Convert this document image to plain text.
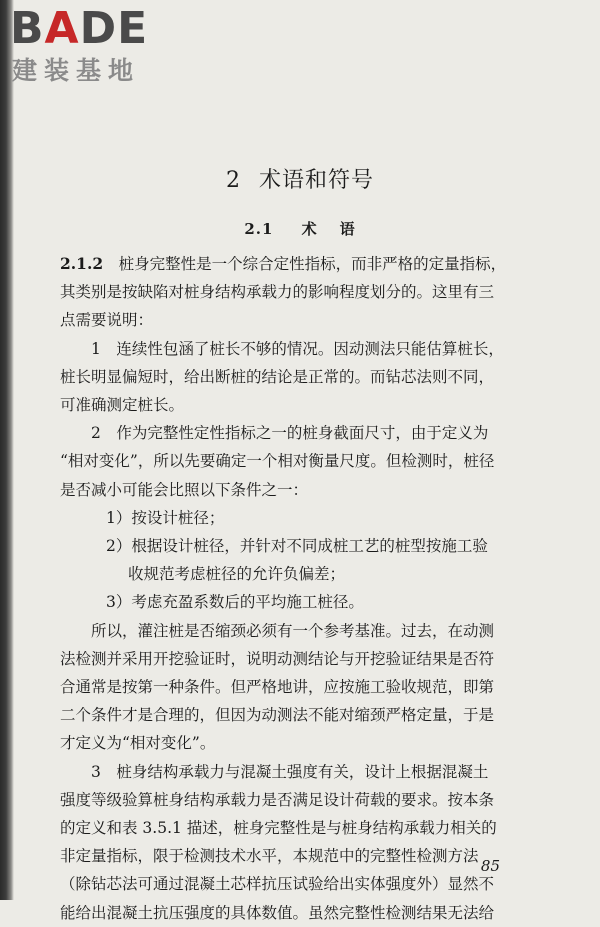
BADE
建装基地
2 术语和符号
2.1 术 语

2.1.2　 桩身完整性是一个综合定性指标，而非严格的定量指标，

其类别是按缺陷对桩身结构承载力的影响程度划分的。这里有三

点需要说明：

1　连续性包涵了桩长不够的情况。因动测法只能估算桩长，

桩长明显偏短时，给出断桩的结论是正常的。而钻芯法则不同，

可准确测定桩长。

2　作为完整性定性指标之一的桩身截面尺寸，由于定义为

“相对变化”，所以先要确定一个相对衡量尺度。但检测时，桩径

是否减小可能会比照以下条件之一：

1）按设计桩径；

2）根据设计桩径，并针对不同成桩工艺的桩型按施工验

收规范考虑桩径的允许负偏差；

3）考虑充盈系数后的平均施工桩径。

所以，灌注桩是否缩颈必须有一个参考基准。过去，在动测

法检测并采用开挖验证时，说明动测结论与开挖验证结果是否符

合通常是按第一种条件。但严格地讲，应按施工验收规范，即第

二个条件才是合理的，但因为动测法不能对缩颈严格定量，于是

才定义为“相对变化”。

3　桩身结构承载力与混凝土强度有关，设计上根据混凝土

强度等级验算桩身结构承载力是否满足设计荷载的要求。按本条

的定义和表 3.5.1 描述，桩身完整性是与桩身结构承载力相关的

非定量指标，限于检测技术水平，本规范中的完整性检测方法

（除钻芯法可通过混凝土芯样抗压试验给出实体强度外）显然不

能给出混凝土抗压强度的具体数值。虽然完整性检测结果无法给

85
